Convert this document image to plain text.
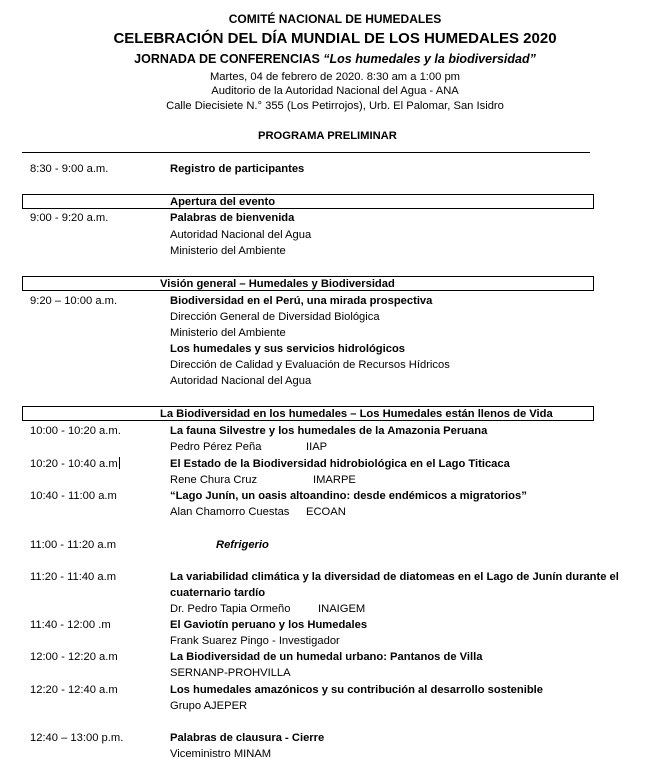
COMITÉ NACIONAL DE HUMEDALES
CELEBRACIÓN DEL DÍA MUNDIAL DE LOS HUMEDALES 2020
JORNADA DE CONFERENCIAS “Los humedales y la biodiversidad”
Martes, 04 de febrero de 2020. 8:30 am a 1:00 pm
Auditorio de la Autoridad Nacional del Agua - ANA
Calle Diecisiete N.° 355 (Los Petirrojos), Urb. El Palomar, San Isidro
PROGRAMA PRELIMINAR
8:30 - 9:00 a.m.	Registro de participantes
Apertura del evento
9:00 - 9:20 a.m.	Palabras de bienvenida
Autoridad Nacional del Agua
Ministerio del Ambiente
Visión general – Humedales y Biodiversidad
9:20 – 10:00 a.m.	Biodiversidad en el Perú, una mirada prospectiva
Dirección General de Diversidad Biológica
Ministerio del Ambiente
Los humedales y sus servicios hidrológicos
Dirección de Calidad y Evaluación de Recursos Hídricos
Autoridad Nacional del Agua
La Biodiversidad en los humedales – Los Humedales están llenos de Vida
10:00 - 10:20 a.m.	La fauna Silvestre y los humedales de la Amazonia Peruana
Pedro Pérez Peña	IIAP
10:20 - 10:40 a.m	El Estado de la Biodiversidad hidrobiológica en el Lago Titicaca
Rene Chura Cruz	IMARPE
10:40 - 11:00 a.m	“Lago Junín, un oasis altoandino: desde endémicos a migratorios”
Alan Chamorro Cuestas ECOAN
11:00 - 11:20 a.m	Refrigerio
11:20 - 11:40 a.m	La variabilidad climática y la diversidad de diatomeas en el Lago de Junín durante el
cuaternario tardío
Dr. Pedro Tapia Ormeño INAIGEM
11:40 - 12:00 .m	El Gaviotín peruano y los Humedales
Frank Suarez Pingo - Investigador
12:00 - 12:20 a.m	La Biodiversidad de un humedal urbano: Pantanos de Villa
SERNANP-PROHVILLA
12:20 - 12:40 a.m	Los humedales amazónicos y su contribución al desarrollo sostenible
Grupo AJEPER
12:40 – 13:00 p.m.	Palabras de clausura - Cierre
Viceministro MINAM
